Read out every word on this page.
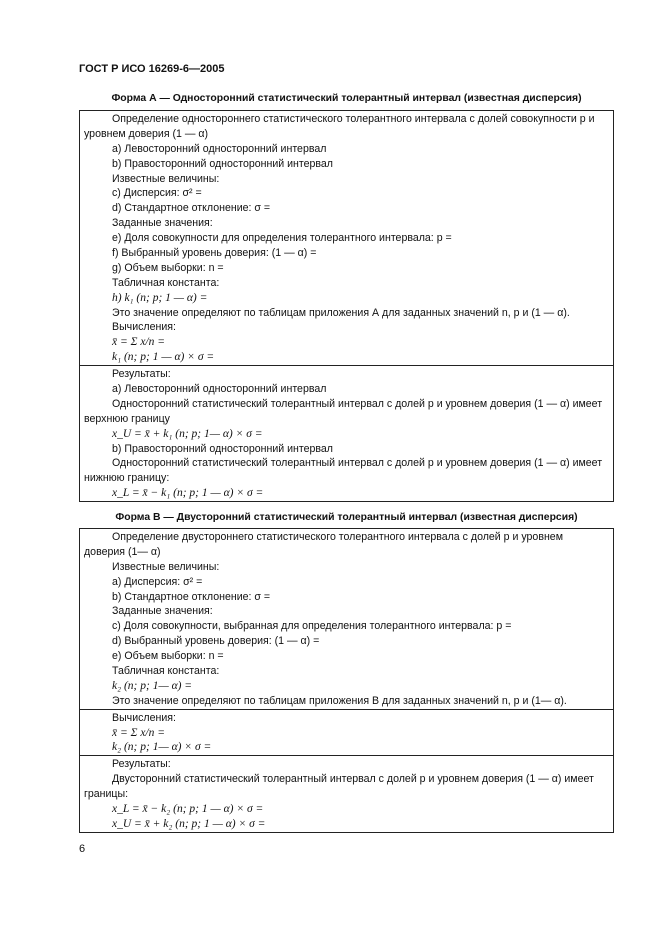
ГОСТ Р ИСО 16269-6—2005
Форма А — Односторонний статистический толерантный интервал (известная дисперсия)
Определение одностороннего статистического толерантного интервала с долей совокупности p и
уровнем доверия (1 — α)
a) Левосторонний односторонний интервал
b) Правосторонний односторонний интервал
Известные величины:
c) Дисперсия: σ² =
d) Стандартное отклонение: σ =
Заданные значения:
e) Доля совокупности для определения толерантного интервала: p =
f) Выбранный уровень доверия: (1 — α) =
g) Объем выборки: n =
Табличная константа:
h) k₁ (n; p; 1 — α) =
Это значение определяют по таблицам приложения А для заданных значений n, p и (1 — α).
Вычисления:
x̄ = Σ x/n =
k₁ (n; p; 1 — α) × σ =
Результаты:
a) Левосторонний односторонний интервал
Односторонний статистический толерантный интервал с долей p и уровнем доверия (1 — α) имеет
верхнюю границу
x_U = x̄ + k₁ (n; p; 1— α) × σ =
b) Правосторонний односторонний интервал
Односторонний статистический толерантный интервал с долей p и уровнем доверия (1 — α) имеет
нижнюю границу:
x_L = x̄ − k₁ (n; p; 1 — α) × σ =
Форма В — Двусторонний статистический толерантный интервал (известная дисперсия)
Определение двустороннего статистического толерантного интервала с долей p и уровнем
доверия (1— α)
Известные величины:
a) Дисперсия: σ² =
b) Стандартное отклонение: σ =
Заданные значения:
c) Доля совокупности, выбранная для определения толерантного интервала: p =
d) Выбранный уровень доверия: (1 — α) =
e) Объем выборки: n =
Табличная константа:
k₂ (n; p; 1— α) =
Это значение определяют по таблицам приложения В для заданных значений n, p и (1— α).
Вычисления:
x̄ = Σ x/n =
k₂ (n; p; 1— α) × σ =
Результаты:
Двусторонний статистический толерантный интервал с долей p и уровнем доверия (1 — α) имеет
границы:
x_L = x̄ − k₂ (n; p; 1 — α) × σ =
x_U = x̄ + k₂ (n; p; 1 — α) × σ =
6
